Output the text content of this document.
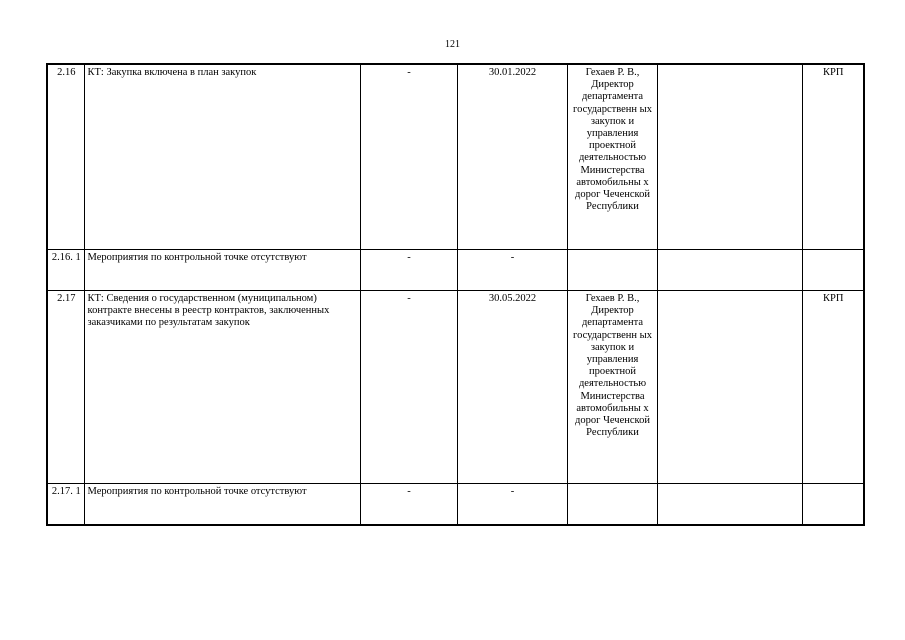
121
2.16	КТ: Закупка включена в план закупок	-	30.01.2022	Гехаев Р. В., Директор департамента государственн ых закупок и управления проектной деятельностью Министерства автомобильны х дорог Чеченской Республики		КРП
2.16. 1	Мероприятия по контрольной точке отсутствуют	-	-			
2.17	КТ: Сведения о государственном (муниципальном) контракте внесены в реестр контрактов, заключенных заказчиками по результатам закупок	-	30.05.2022	Гехаев Р. В., Директор департамента государственн ых закупок и управления проектной деятельностью Министерства автомобильны х дорог Чеченской Республики		КРП
2.17. 1	Мероприятия по контрольной точке отсутствуют	-	-			
